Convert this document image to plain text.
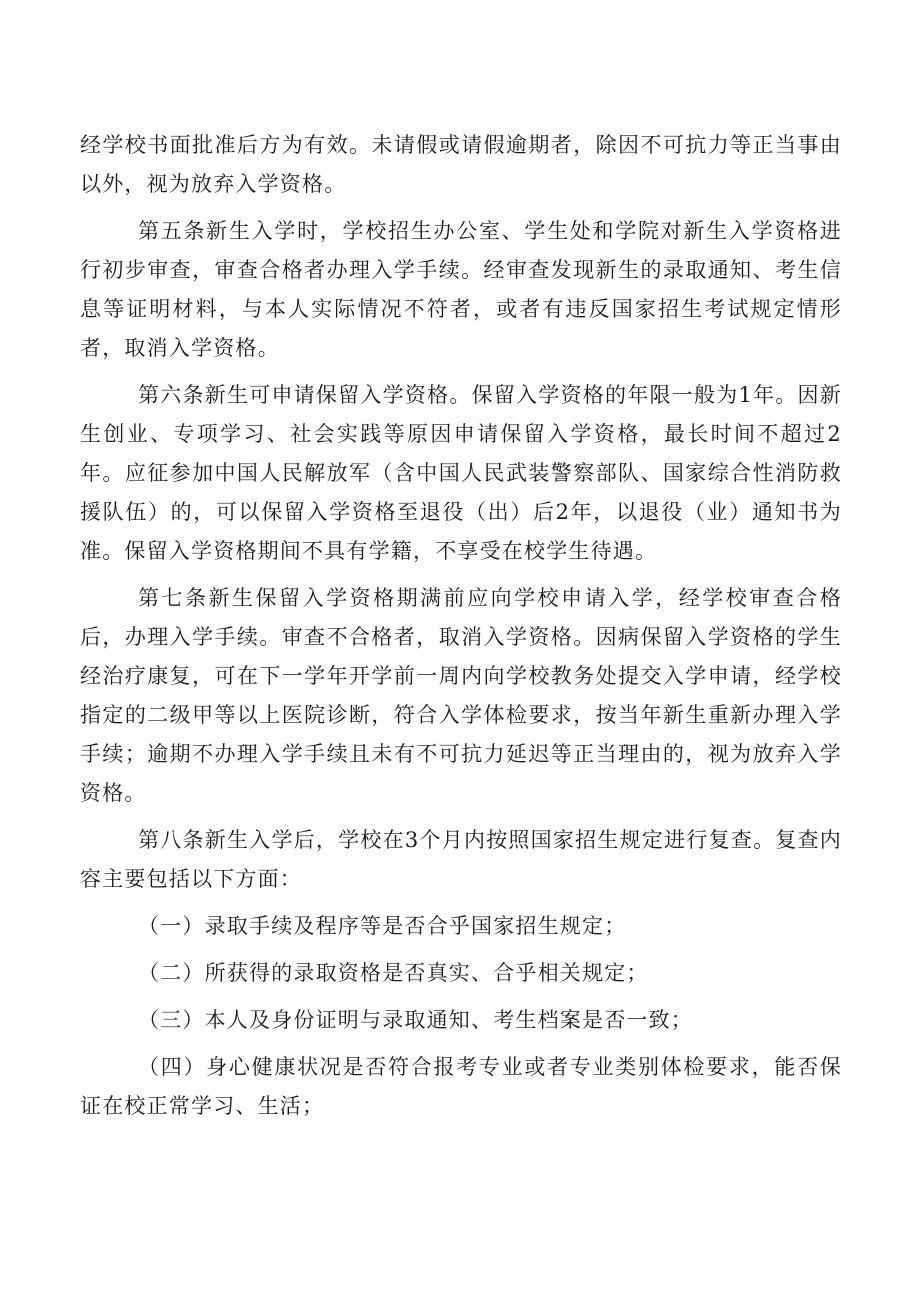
经学校书面批准后方为有效。未请假或请假逾期者，除因不可抗力等正当事由以外，视为放弃入学资格。

第五条新生入学时，学校招生办公室、学生处和学院对新生入学资格进行初步审查，审查合格者办理入学手续。经审查发现新生的录取通知、考生信息等证明材料，与本人实际情况不符者，或者有违反国家招生考试规定情形者，取消入学资格。

第六条新生可申请保留入学资格。保留入学资格的年限一般为1年。因新生创业、专项学习、社会实践等原因申请保留入学资格，最长时间不超过2年。应征参加中国人民解放军（含中国人民武装警察部队、国家综合性消防救援队伍）的，可以保留入学资格至退役（出）后2年，以退役（业）通知书为准。保留入学资格期间不具有学籍，不享受在校学生待遇。

第七条新生保留入学资格期满前应向学校申请入学，经学校审查合格后，办理入学手续。审查不合格者，取消入学资格。因病保留入学资格的学生经治疗康复，可在下一学年开学前一周内向学校教务处提交入学申请，经学校指定的二级甲等以上医院诊断，符合入学体检要求，按当年新生重新办理入学手续；逾期不办理入学手续且未有不可抗力延迟等正当理由的，视为放弃入学资格。

第八条新生入学后，学校在3个月内按照国家招生规定进行复查。复查内容主要包括以下方面：

（一）录取手续及程序等是否合乎国家招生规定；

（二）所获得的录取资格是否真实、合乎相关规定；

（三）本人及身份证明与录取通知、考生档案是否一致；

（四）身心健康状况是否符合报考专业或者专业类别体检要求，能否保证在校正常学习、生活；
